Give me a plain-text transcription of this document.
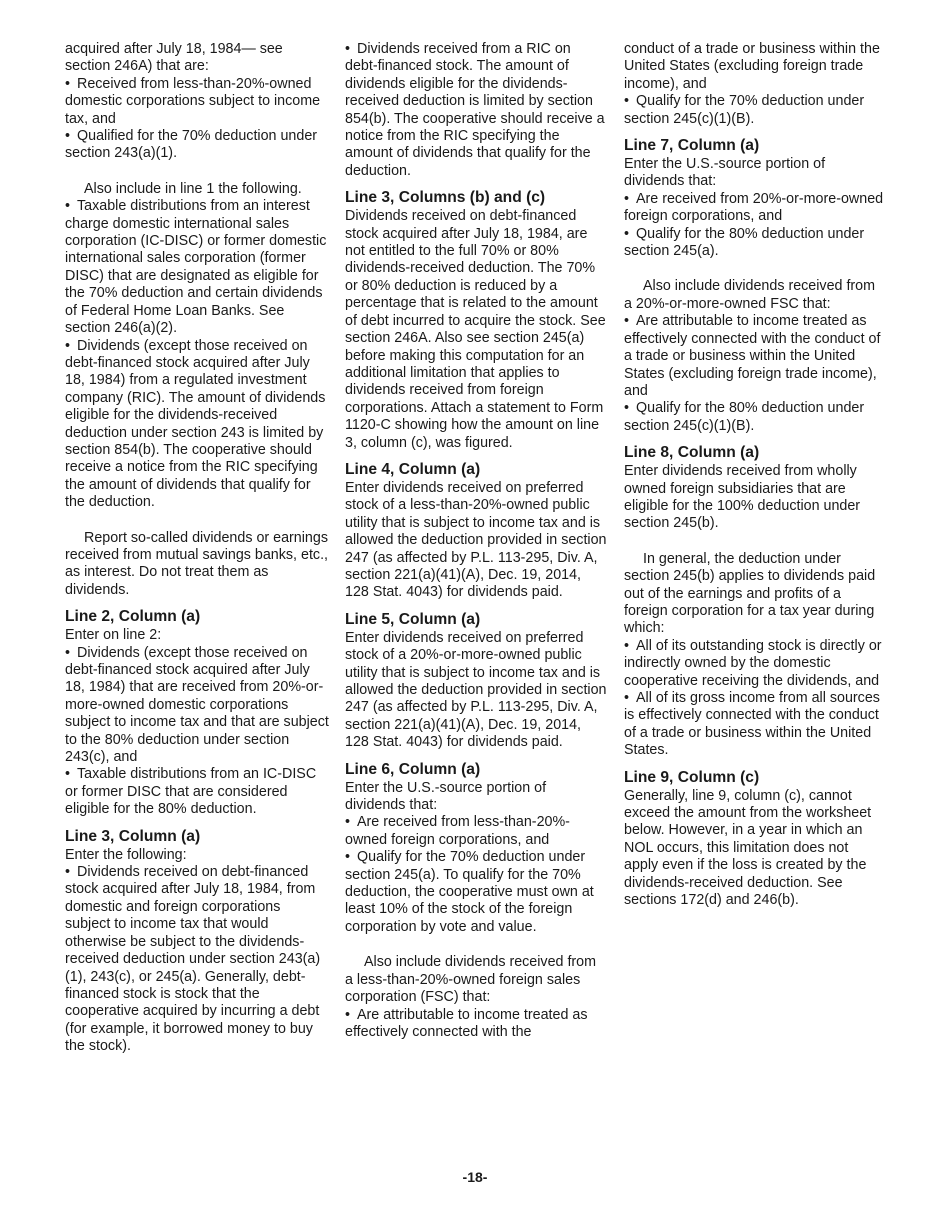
acquired after July 18, 1984— see section 246A) that are:

• Received from less-than-20%-owned domestic corporations subject to income tax, and

• Qualified for the 70% deduction under section 243(a)(1).

Also include in line 1 the following.

• Taxable distributions from an interest charge domestic international sales corporation (IC-DISC) or former domestic international sales corporation (former DISC) that are designated as eligible for the 70% deduction and certain dividends of Federal Home Loan Banks. See section 246(a)(2).

• Dividends (except those received on debt-financed stock acquired after July 18, 1984) from a regulated investment company (RIC). The amount of dividends eligible for the dividends-received deduction under section 243 is limited by section 854(b). The cooperative should receive a notice from the RIC specifying the amount of dividends that qualify for the deduction.

Report so-called dividends or earnings received from mutual savings banks, etc., as interest. Do not treat them as dividends.

Line 2, Column (a)

Enter on line 2:

• Dividends (except those received on debt-financed stock acquired after July 18, 1984) that are received from 20%-or-more-owned domestic corporations subject to income tax and that are subject to the 80% deduction under section 243(c), and

• Taxable distributions from an IC-DISC or former DISC that are considered eligible for the 80% deduction.

Line 3, Column (a)

Enter the following:

• Dividends received on debt-financed stock acquired after July 18, 1984, from domestic and foreign corporations subject to income tax that would otherwise be subject to the dividends-received deduction under section 243(a)(1), 243(c), or 245(a). Generally, debt-financed stock is stock that the cooperative acquired by incurring a debt (for example, it borrowed money to buy the stock).

• Dividends received from a RIC on debt-financed stock. The amount of dividends eligible for the dividends-received deduction is limited by section 854(b). The cooperative should receive a notice from the RIC specifying the amount of dividends that qualify for the deduction.

Line 3, Columns (b) and (c)

Dividends received on debt-financed stock acquired after July 18, 1984, are not entitled to the full 70% or 80% dividends-received deduction. The 70% or 80% deduction is reduced by a percentage that is related to the amount of debt incurred to acquire the stock. See section 246A. Also see section 245(a) before making this computation for an additional limitation that applies to dividends received from foreign corporations. Attach a statement to Form 1120-C showing how the amount on line 3, column (c), was figured.

Line 4, Column (a)

Enter dividends received on preferred stock of a less-than-20%-owned public utility that is subject to income tax and is allowed the deduction provided in section 247 (as affected by P.L. 113-295, Div. A, section 221(a)(41)(A), Dec. 19, 2014, 128 Stat. 4043) for dividends paid.

Line 5, Column (a)

Enter dividends received on preferred stock of a 20%-or-more-owned public utility that is subject to income tax and is allowed the deduction provided in section 247 (as affected by P.L. 113-295, Div. A, section 221(a)(41)(A), Dec. 19, 2014, 128 Stat. 4043) for dividends paid.

Line 6, Column (a)

Enter the U.S.-source portion of dividends that:

• Are received from less-than-20%-owned foreign corporations, and

• Qualify for the 70% deduction under section 245(a). To qualify for the 70% deduction, the cooperative must own at least 10% of the stock of the foreign corporation by vote and value.

Also include dividends received from a less-than-20%-owned foreign sales corporation (FSC) that:

• Are attributable to income treated as effectively connected with the

conduct of a trade or business within the United States (excluding foreign trade income), and

• Qualify for the 70% deduction under section 245(c)(1)(B).

Line 7, Column (a)

Enter the U.S.-source portion of dividends that:

• Are received from 20%-or-more-owned foreign corporations, and

• Qualify for the 80% deduction under section 245(a).

Also include dividends received from a 20%-or-more-owned FSC that:

• Are attributable to income treated as effectively connected with the conduct of a trade or business within the United States (excluding foreign trade income), and

• Qualify for the 80% deduction under section 245(c)(1)(B).

Line 8, Column (a)

Enter dividends received from wholly owned foreign subsidiaries that are eligible for the 100% deduction under section 245(b).

In general, the deduction under section 245(b) applies to dividends paid out of the earnings and profits of a foreign corporation for a tax year during which:

• All of its outstanding stock is directly or indirectly owned by the domestic cooperative receiving the dividends, and

• All of its gross income from all sources is effectively connected with the conduct of a trade or business within the United States.

Line 9, Column (c)

Generally, line 9, column (c), cannot exceed the amount from the worksheet below. However, in a year in which an NOL occurs, this limitation does not apply even if the loss is created by the dividends-received deduction. See sections 172(d) and 246(b).

-18-
